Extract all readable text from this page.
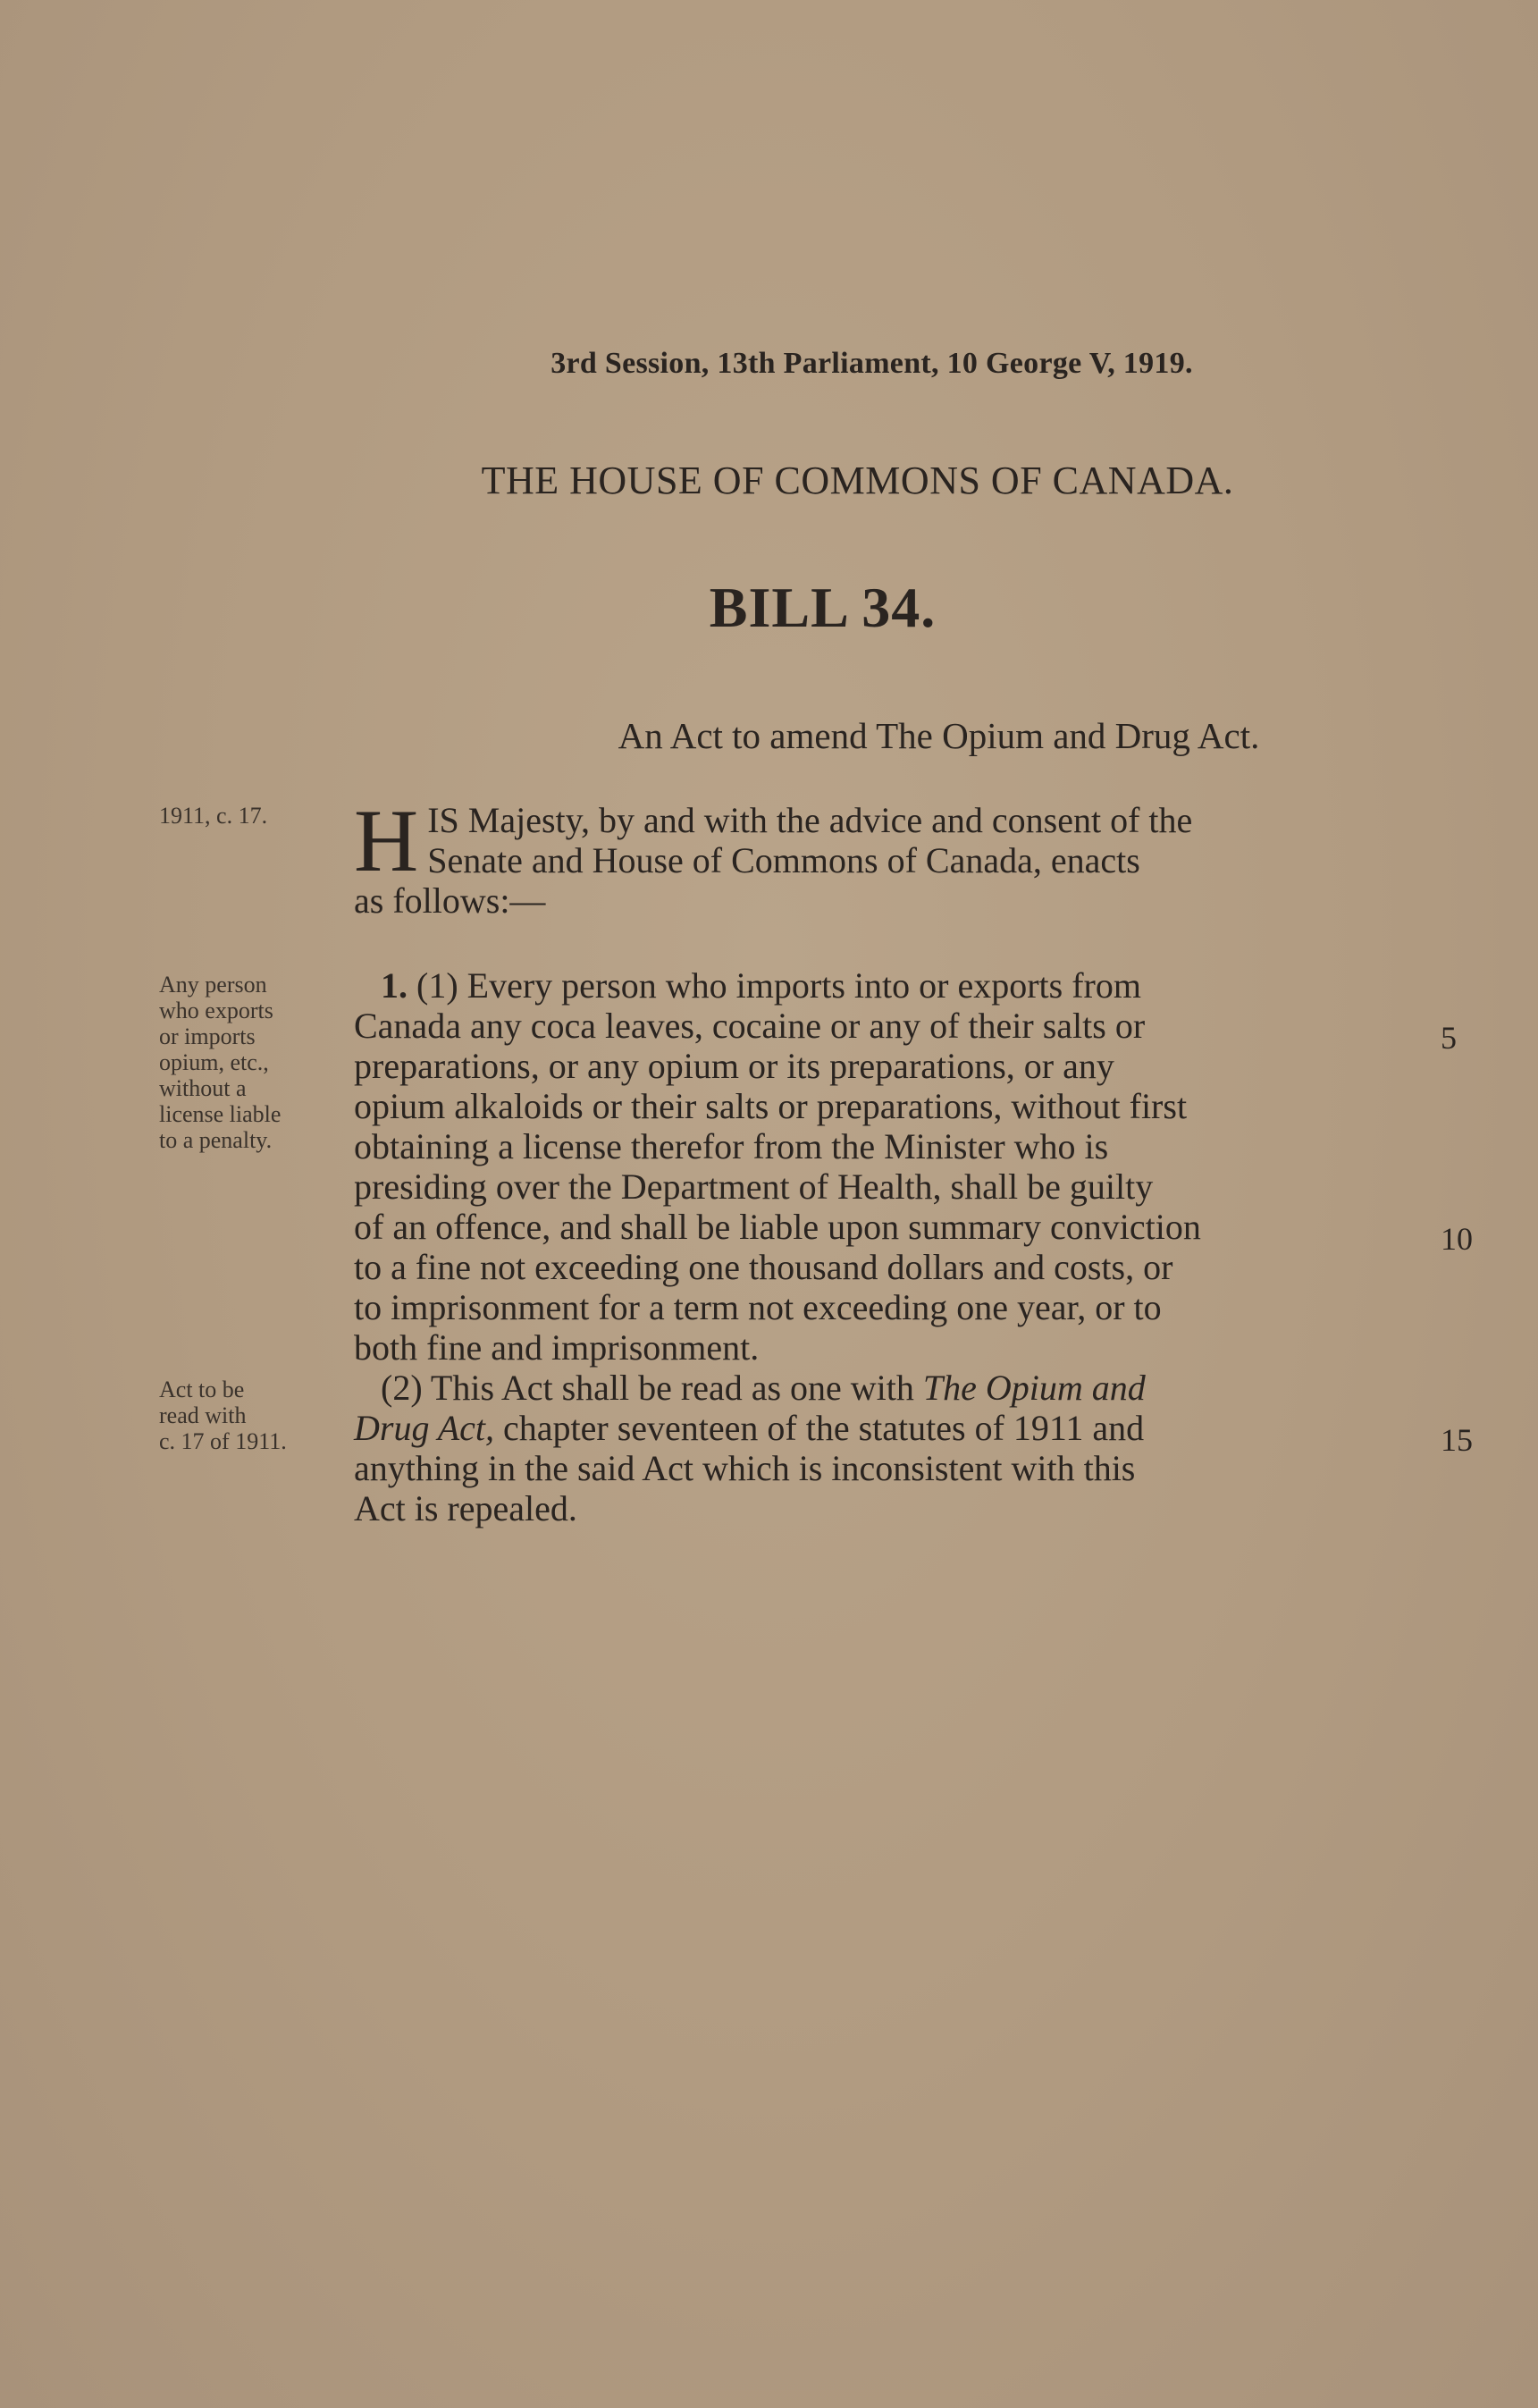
3rd Session, 13th Parliament, 10 George V, 1919.
THE HOUSE OF COMMONS OF CANADA.
BILL 34.
An Act to amend The Opium and Drug Act.
1911, c. 17.
Any person
who exports
or imports
opium, etc.,
without a
license liable
to a penalty.
Act to be
read with
c. 17 of 1911.
H IS Majesty, by and with the advice and consent of the
Senate and House of Commons of Canada, enacts
as follows:—
1. (1) Every person who imports into or exports from
Canada any coca leaves, cocaine or any of their salts or
preparations, or any opium or its preparations, or any
opium alkaloids or their salts or preparations, without first
obtaining a license therefor from the Minister who is
presiding over the Department of Health, shall be guilty
of an offence, and shall be liable upon summary conviction
to a fine not exceeding one thousand dollars and costs, or
to imprisonment for a term not exceeding one year, or to
both fine and imprisonment.
(2) This Act shall be read as one with The Opium and
Drug Act, chapter seventeen of the statutes of 1911 and
anything in the said Act which is inconsistent with this
Act is repealed.
5
10
15
